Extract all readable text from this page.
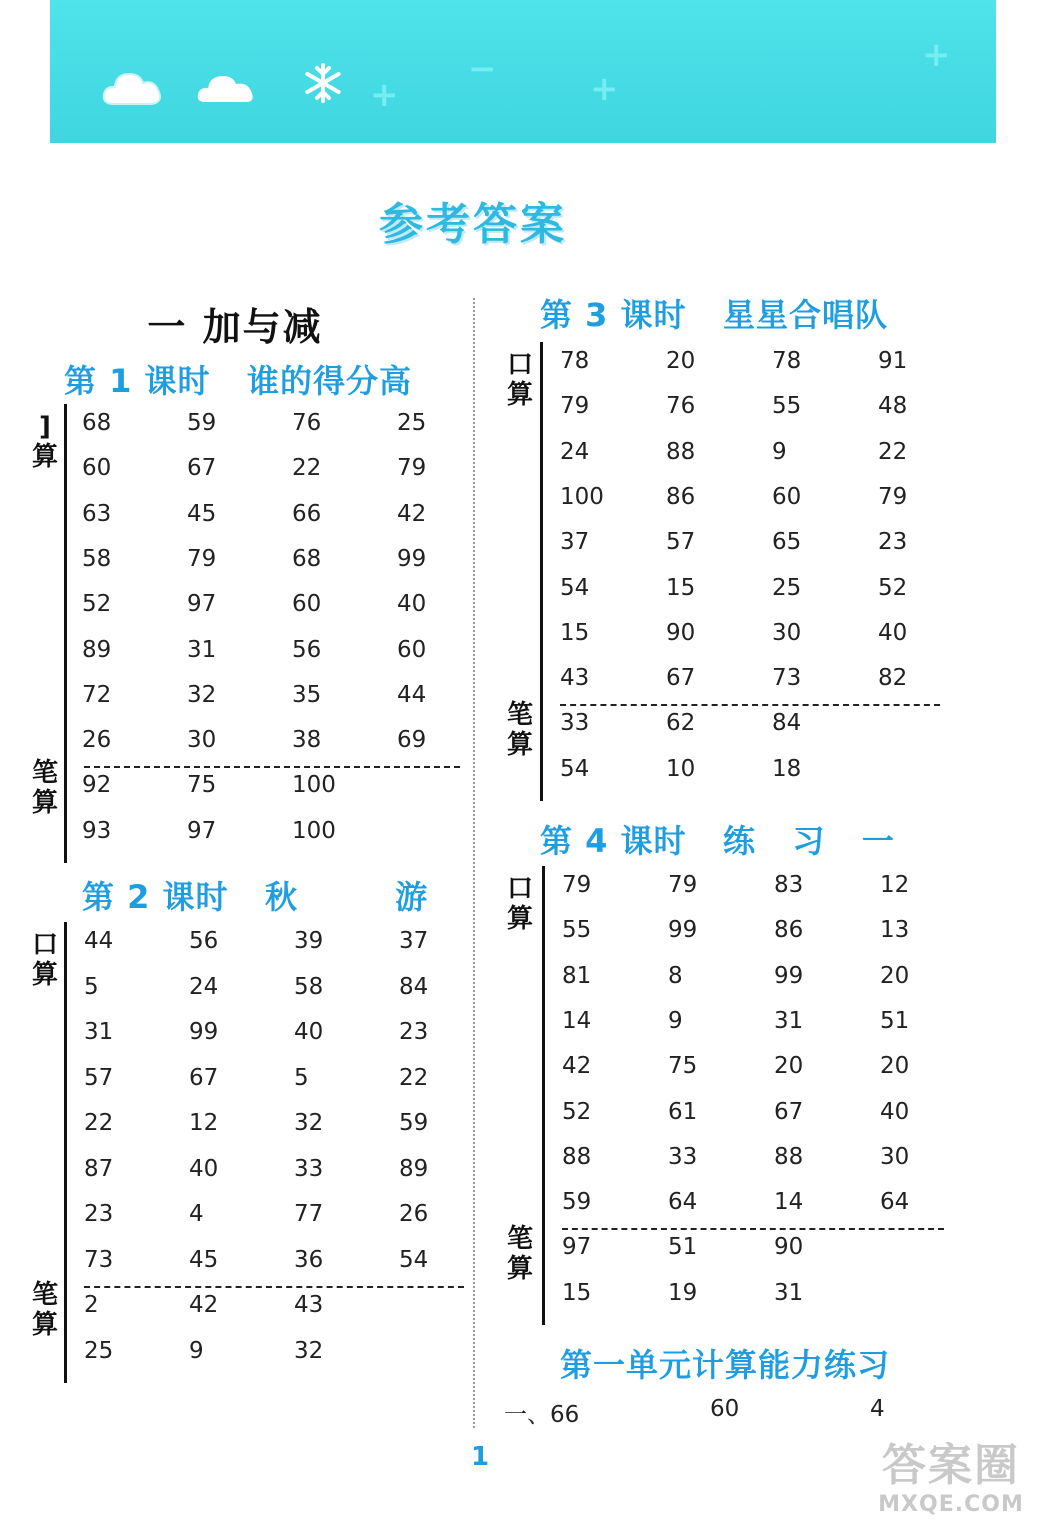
+
−	+
+
参考答案
一 加与减
第 1 课时   谁的得分高
]
算
笔
算
68	59	76	25
60	67	22	79
63	45	66	42
58	79	68	99
52	97	60	40
89	31	56	60
72	32	35	44
26	30	38	69
92	75	100
93	97	100
第 2 课时   秋        游
口
算
笔
算
44	56	39	37
5	24	58	84
31	99	40	23
57	67	5	22
22	12	32	59
87	40	33	89
23	4	77	26
73	45	36	54
2	42	43
25	9	32
第 3 课时   星星合唱队
口
算
笔
算
78	20	78	91
79	76	55	48
24	88	9	22
100	86	60	79
37	57	65	23
54	15	25	52
15	90	30	40
43	67	73	82
33	62	84
54	10	18
第 4 课时   练   习   一
口
算
笔
算
79	79	83	12
55	99	86	13
81	8	99	20
14	9	31	51
42	75	20	20
52	61	67	40
88	33	88	30
59	64	14	64
97	51	90
15	19	31
第一单元计算能力练习
一、66	60	4
1	答案圈
MXQE.COM
